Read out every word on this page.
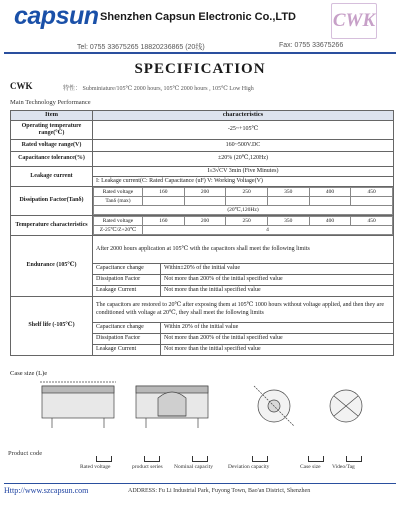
capsun Shenzhen Capsun Electronic Co.,LTD CWK
Tel: 0755 33675265 18820236865 (20线)	Fax: 0755 33675266
SPECIFICATION
CWK	特性： Subminiature/105℃ 2000 hours, 105℃ 2000 hours , 105℃ Low High
Main Technology Performance
Item	characteristics
Operating temperature range(℃)	-25~+105℃
Rated voltage range(V)	160~500V.DC
Capacitance tolerance(%)	±20% (20℃,120Hz)
Leakage current	I≤3√CV 3min (Five Minutes)
I: Leakage current(C: Rated Capacitance (uF) V: Working Voltage(V)
Dissipation Factor(Tanδ)	
Rated voltage	160	200	250	350	400	450
Tanδ (max)						
(20℃,120Hz)

Temperature characteristics	
Rated voltage	160	200	250	350	400	450
Z-25℃/Z+20℃	4

Endurance (105℃)	After 2000 hours application at 105℃ with the capacitors shall meet the following limits
Capacitance change	Within±20% of the initial value
Dissipation Factor	Not more than 200% of the initial specified value
Leakage Current	Not more than the initial specified value
Shelf life (-105℃)	The capacitors are restored to 20℃ after exposing them at 105℃ 1000 hours without voltage applied, and then they are conditioned with voltage at 20℃, they shall meet the following limits
Capacitance change	Within 20% of the initial value
Dissipation Factor	Not more than 200% of the initial specified value
Leakage Current	Not more than the initial specified value
Case size (L)e
Product code
Rated voltage	product series Nominal capacity	Deviation capacity	Case size Video/Tag
Http://www.szcapsun.com	ADDRESS: Fu Li Industrial Park, Fuyong Town, Bao'an District, Shenzhen
